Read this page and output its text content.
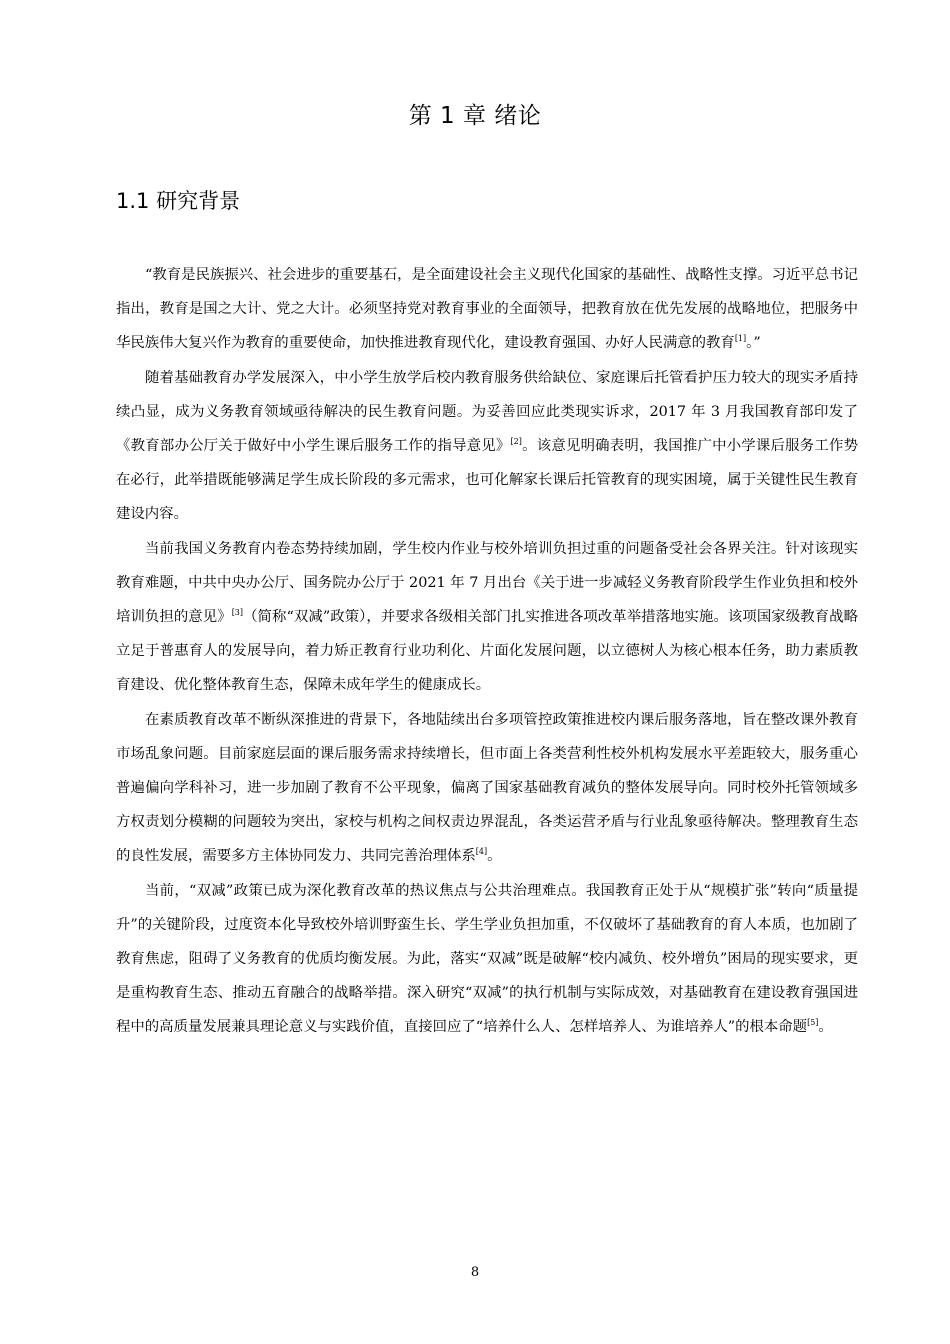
第 1 章 绪论
1.1 研究背景

“教育是民族振兴、社会进步的重要基石，是全面建设社会主义现代化国家的基础性、战略性支撑。习近平总书记指出，教育是国之大计、党之大计。必须坚持党对教育事业的全面领导，把教育放在优先发展的战略地位，把服务中华民族伟大复兴作为教育的重要使命，加快推进教育现代化，建设教育强国、办好人民满意的教育[1]。”

随着基础教育办学发展深入，中小学生放学后校内教育服务供给缺位、家庭课后托管看护压力较大的现实矛盾持续凸显，成为义务教育领域亟待解决的民生教育问题。为妥善回应此类现实诉求，2017 年 3 月我国教育部印发了《教育部办公厅关于做好中小学生课后服务工作的指导意见》[2]。该意见明确表明，我国推广中小学课后服务工作势在必行，此举措既能够满足学生成长阶段的多元需求，也可化解家长课后托管教育的现实困境，属于关键性民生教育建设内容。

当前我国义务教育内卷态势持续加剧，学生校内作业与校外培训负担过重的问题备受社会各界关注。针对该现实教育难题，中共中央办公厅、国务院办公厅于 2021 年 7 月出台《关于进一步减轻义务教育阶段学生作业负担和校外培训负担的意见》[3]（简称“双减”政策），并要求各级相关部门扎实推进各项改革举措落地实施。该项国家级教育战略立足于普惠育人的发展导向，着力矫正教育行业功利化、片面化发展问题，以立德树人为核心根本任务，助力素质教育建设、优化整体教育生态，保障未成年学生的健康成长。

在素质教育改革不断纵深推进的背景下，各地陆续出台多项管控政策推进校内课后服务落地，旨在整改课外教育市场乱象问题。目前家庭层面的课后服务需求持续增长，但市面上各类营利性校外机构发展水平差距较大，服务重心普遍偏向学科补习，进一步加剧了教育不公平现象，偏离了国家基础教育减负的整体发展导向。同时校外托管领域多方权责划分模糊的问题较为突出，家校与机构之间权责边界混乱，各类运营矛盾与行业乱象亟待解决。整理教育生态的良性发展，需要多方主体协同发力、共同完善治理体系[4]。

当前，“双减”政策已成为深化教育改革的热议焦点与公共治理难点。我国教育正处于从“规模扩张”转向“质量提升”的关键阶段，过度资本化导致校外培训野蛮生长、学生学业负担加重，不仅破坏了基础教育的育人本质，也加剧了教育焦虑，阻碍了义务教育的优质均衡发展。为此，落实“双减”既是破解“校内减负、校外增负”困局的现实要求，更是重构教育生态、推动五育融合的战略举措。深入研究“双减”的执行机制与实际成效，对基础教育在建设教育强国进程中的高质量发展兼具理论意义与实践价值，直接回应了“培养什么人、怎样培养人、为谁培养人”的根本命题[5]。

8
